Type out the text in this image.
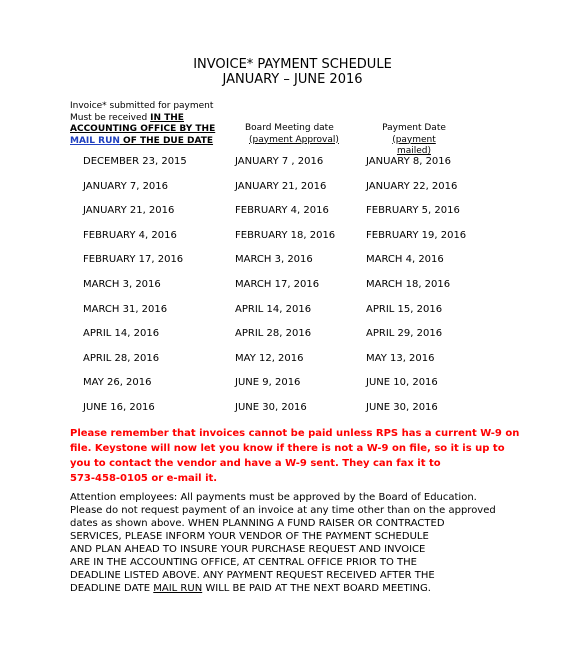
INVOICE* PAYMENT SCHEDULE
JANUARY – JUNE 2016
Invoice* submitted for payment
Must be received IN THE
ACCOUNTING OFFICE BY THE
MAIL RUN OF THE DUE DATE
Board Meeting date
(payment Approval)
Payment Date
(payment mailed)
DECEMBER 23, 2015	JANUARY 7 , 2016	JANUARY 8, 2016
JANUARY 7, 2016	JANUARY 21, 2016	JANUARY 22, 2016
JANUARY 21, 2016	FEBRUARY 4, 2016	FEBRUARY 5, 2016
FEBRUARY 4, 2016	FEBRUARY 18, 2016	FEBRUARY 19, 2016
FEBRUARY 17, 2016	MARCH 3, 2016	MARCH 4, 2016
MARCH 3, 2016	MARCH 17, 2016	MARCH 18, 2016
MARCH 31, 2016	APRIL 14, 2016	APRIL 15, 2016
APRIL 14, 2016	APRIL 28, 2016	APRIL 29, 2016
APRIL 28, 2016	MAY 12, 2016	MAY 13, 2016
MAY 26, 2016	JUNE 9, 2016	JUNE 10, 2016
JUNE 16, 2016	JUNE 30, 2016	JUNE 30, 2016
Please remember that invoices cannot be paid unless RPS has a current W-9 on
file. Keystone will now let you know if there is not a W-9 on file, so it is up to
you to contact the vendor and have a W-9 sent. They can fax it to
573-458-0105 or e-mail it.
Attention employees: All payments must be approved by the Board of Education.
Please do not request payment of an invoice at any time other than on the approved
dates as shown above. WHEN PLANNING A FUND RAISER OR CONTRACTED
SERVICES, PLEASE INFORM YOUR VENDOR OF THE PAYMENT SCHEDULE
AND PLAN AHEAD TO INSURE YOUR PURCHASE REQUEST AND INVOICE
ARE IN THE ACCOUNTING OFFICE, AT CENTRAL OFFICE PRIOR TO THE
DEADLINE LISTED ABOVE. ANY PAYMENT REQUEST RECEIVED AFTER THE
DEADLINE DATE MAIL RUN WILL BE PAID AT THE NEXT BOARD MEETING.
